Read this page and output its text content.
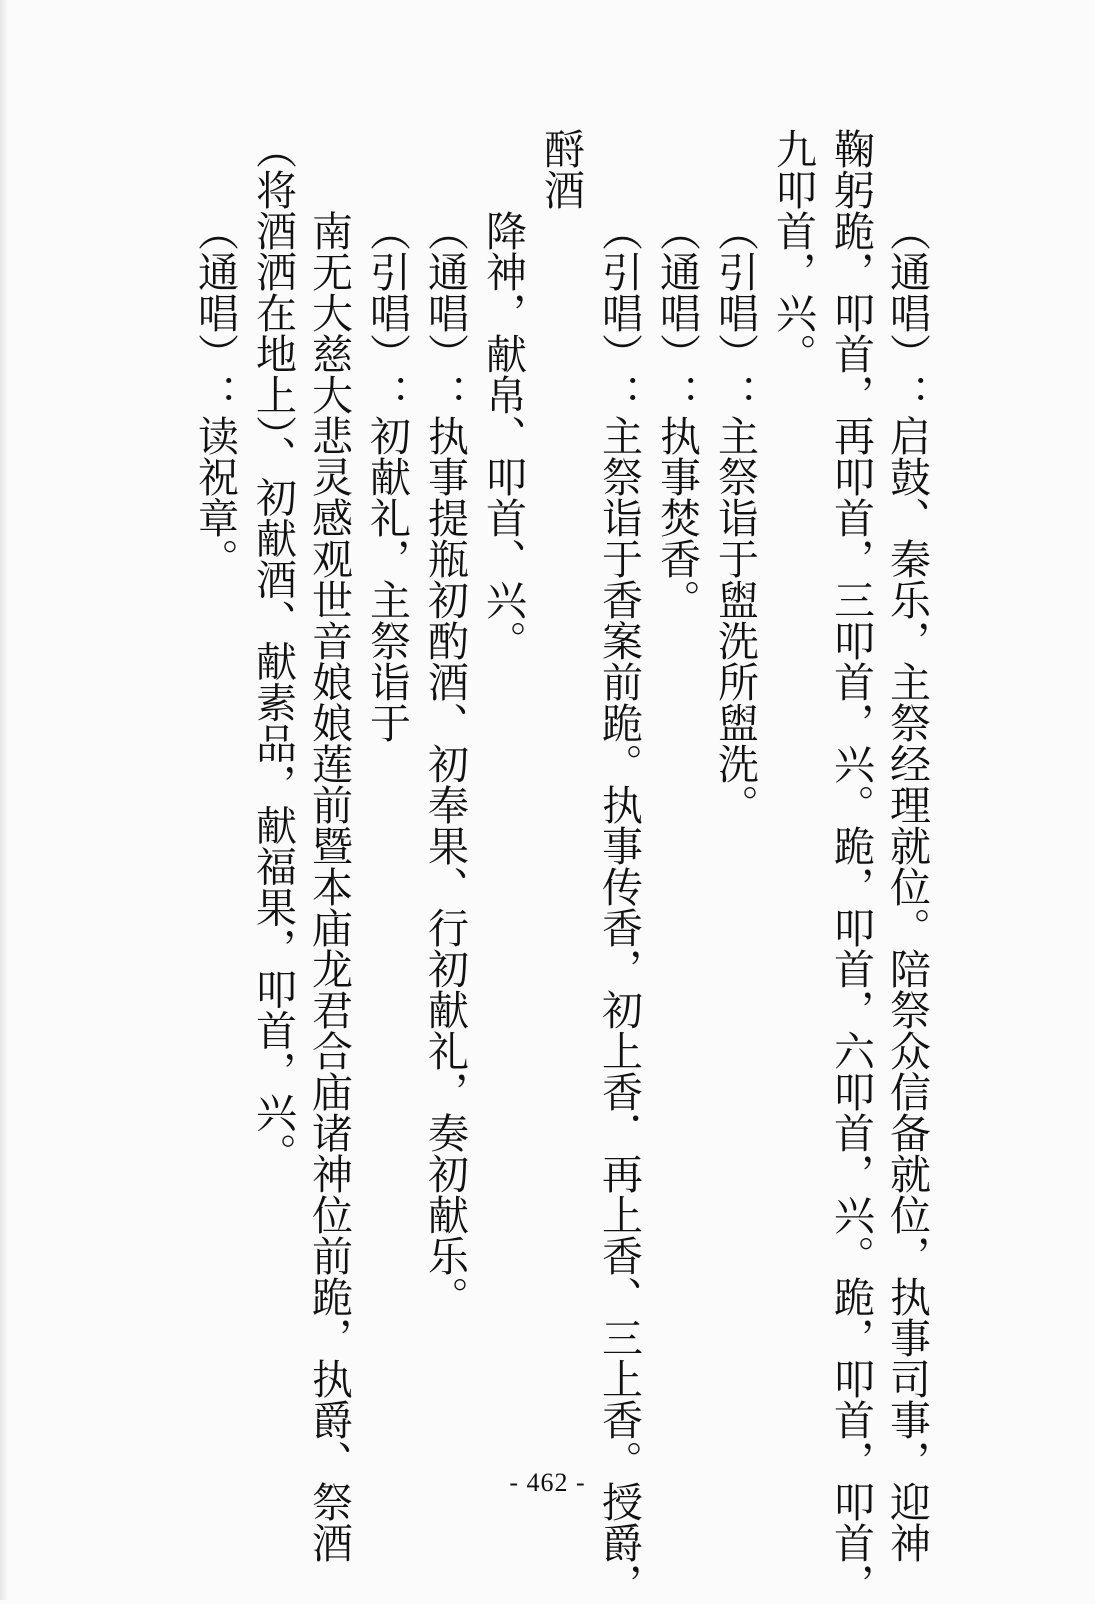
（通唱）：启鼓、秦乐，主祭经理就位。陪祭众信备就位，执事司事，迎神
鞠躬跪，叩首，再叩首，三叩首，兴。跪，叩首，六叩首，兴。跪，叩首，叩首，
九叩首，兴。
（引唱）：主祭诣于盥洗所盥洗。
（通唱）：执事焚香。
（引唱）：主祭诣于香案前跪。执事传香，初上香．再上香、三上香。授爵，
酹酒
降神，献帛、叩首、兴。
（通唱）：执事提瓶初酌酒、初奉果、行初献礼，奏初献乐。
（引唱）：初献礼，主祭诣于
南无大慈大悲灵感观世音娘娘莲前暨本庙龙君合庙诸神位前跪，执爵、祭酒
（将酒洒在地上）、初献酒、献素品，献福果，叩首，兴。
（通唱）：读祝章。
- 462 -
